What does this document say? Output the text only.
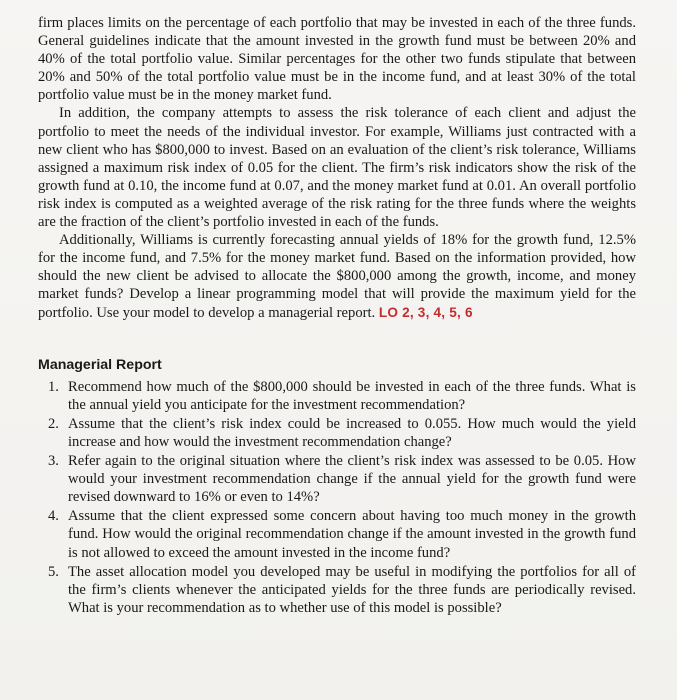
firm places limits on the percentage of each portfolio that may be invested in each of the three funds. General guidelines indicate that the amount invested in the growth fund must be between 20% and 40% of the total portfolio value. Similar percentages for the other two funds stipulate that between 20% and 50% of the total portfolio value must be in the income fund, and at least 30% of the total portfolio value must be in the money market fund.

In addition, the company attempts to assess the risk tolerance of each client and adjust the portfolio to meet the needs of the individual investor. For example, Williams just contracted with a new client who has $800,000 to invest. Based on an evaluation of the client’s risk tolerance, Williams assigned a maximum risk index of 0.05 for the client. The firm’s risk indicators show the risk of the growth fund at 0.10, the income fund at 0.07, and the money market fund at 0.01. An overall portfolio risk index is computed as a weighted average of the risk rating for the three funds where the weights are the fraction of the client’s portfolio invested in each of the funds.

Additionally, Williams is currently forecasting annual yields of 18% for the growth fund, 12.5% for the income fund, and 7.5% for the money market fund. Based on the information provided, how should the new client be advised to allocate the $800,000 among the growth, income, and money market funds? Develop a linear programming model that will provide the maximum yield for the portfolio. Use your model to develop a managerial report. LO 2, 3, 4, 5, 6

Managerial Report
1. Recommend how much of the $800,000 should be invested in each of the three funds. What is the annual yield you anticipate for the investment recommendation?
2. Assume that the client’s risk index could be increased to 0.055. How much would the yield increase and how would the investment recommendation change?
3. Refer again to the original situation where the client’s risk index was assessed to be 0.05. How would your investment recommendation change if the annual yield for the growth fund were revised downward to 16% or even to 14%?
4. Assume that the client expressed some concern about having too much money in the growth fund. How would the original recommendation change if the amount invested in the growth fund is not allowed to exceed the amount invested in the income fund?
5. The asset allocation model you developed may be useful in modifying the portfolios for all of the firm’s clients whenever the anticipated yields for the three funds are periodically revised. What is your recommendation as to whether use of this model is possible?
